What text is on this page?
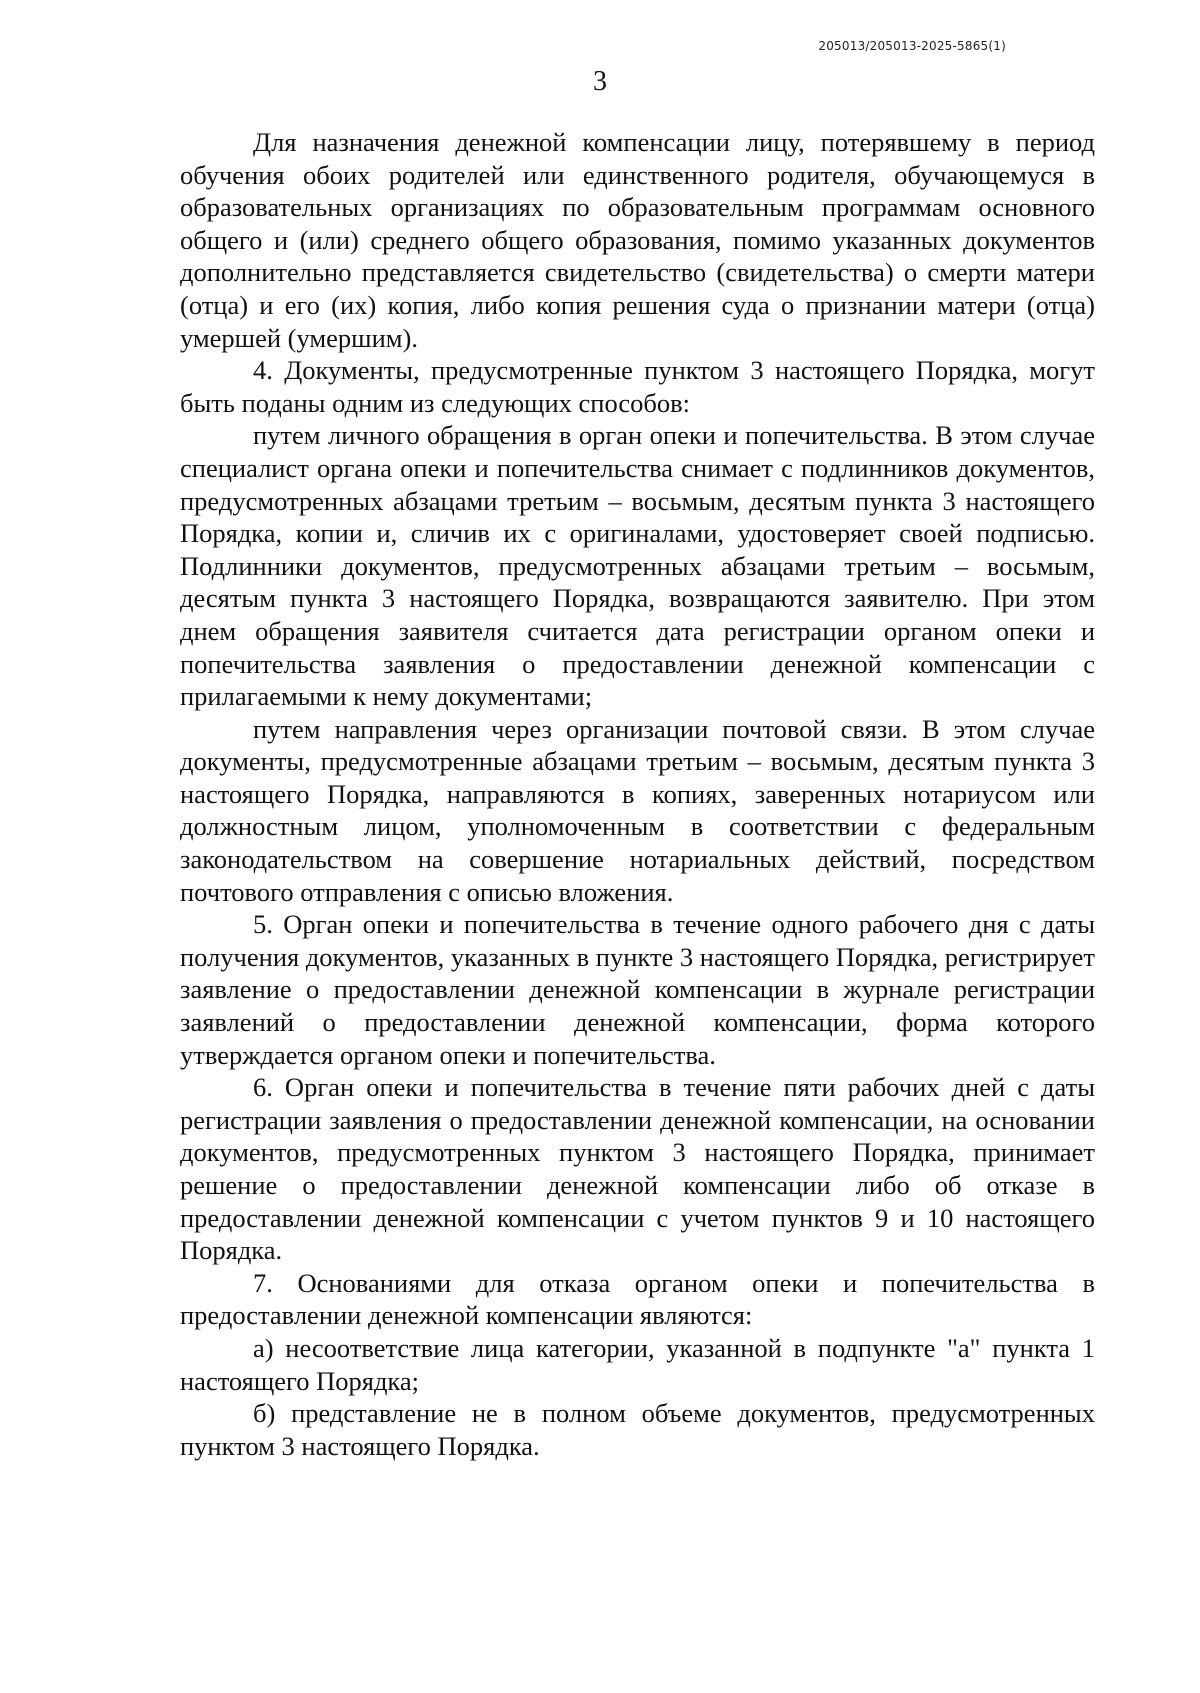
205013/205013-2025-5865(1)
3

Для назначения денежной компенсации лицу, потерявшему в период обучения обоих родителей или единственного родителя, обучающемуся в образовательных организациях по образовательным программам основного общего и (или) среднего общего образования, помимо указанных документов дополнительно представляется свидетельство (свидетельства) о смерти матери (отца) и его (их) копия, либо копия решения суда о признании матери (отца) умершей (умершим).

4. Документы, предусмотренные пунктом 3 настоящего Порядка, могут быть поданы одним из следующих способов:

путем личного обращения в орган опеки и попечительства. В этом случае специалист органа опеки и попечительства снимает с подлинников документов, предусмотренных абзацами третьим – восьмым, десятым пункта 3 настоящего Порядка, копии и, сличив их с оригиналами, удостоверяет своей подписью. Подлинники документов, предусмотренных абзацами третьим – восьмым, десятым пункта 3 настоящего Порядка, возвращаются заявителю. При этом днем обращения заявителя считается дата регистрации органом опеки и попечительства заявления о предоставлении денежной компенсации с прилагаемыми к нему документами;

путем направления через организации почтовой связи. В этом случае документы, предусмотренные абзацами третьим – восьмым, десятым пункта 3 настоящего Порядка, направляются в копиях, заверенных нотариусом или должностным лицом, уполномоченным в соответствии с федеральным законодательством на совершение нотариальных действий, посредством почтового отправления с описью вложения.

5. Орган опеки и попечительства в течение одного рабочего дня с даты получения документов, указанных в пункте 3 настоящего Порядка, регистрирует заявление о предоставлении денежной компенсации в журнале регистрации заявлений о предоставлении денежной компенсации, форма которого утверждается органом опеки и попечительства.

6. Орган опеки и попечительства в течение пяти рабочих дней с даты регистрации заявления о предоставлении денежной компенсации, на основании документов, предусмотренных пунктом 3 настоящего Порядка, принимает решение о предоставлении денежной компенсации либо об отказе в предоставлении денежной компенсации с учетом пунктов 9 и 10 настоящего Порядка.

7. Основаниями для отказа органом опеки и попечительства в предоставлении денежной компенсации являются:

а) несоответствие лица категории, указанной в подпункте "а" пункта 1 настоящего Порядка;

б) представление не в полном объеме документов, предусмотренных пунктом 3 настоящего Порядка.
